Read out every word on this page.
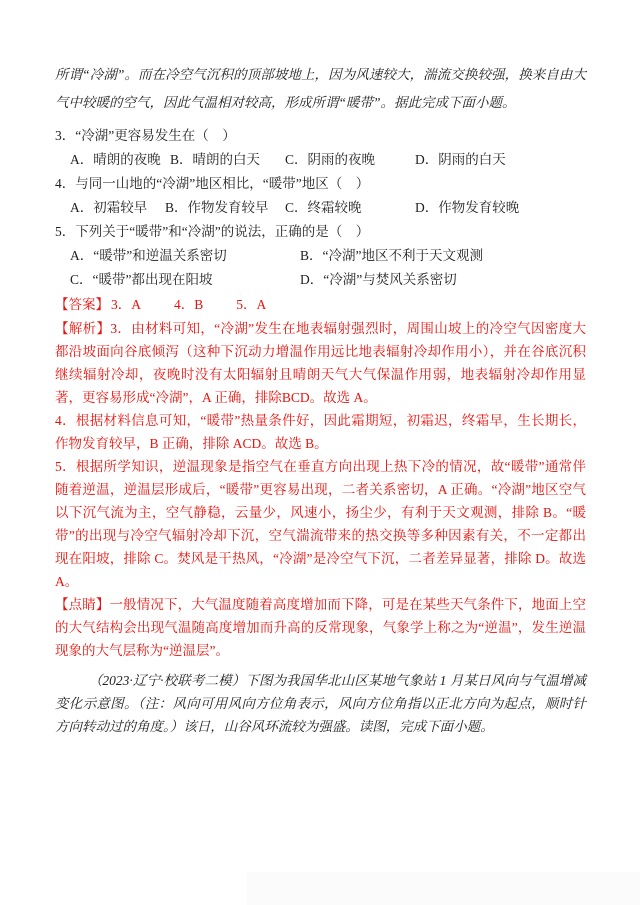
所谓“冷湖”。而在冷空气沉积的顶部坡地上，因为风速较大，湍流交换较强，换来自由大气中较暖的空气，因此气温相对较高，形成所谓“暖带”。据此完成下面小题。

3．“冷湖”更容易发生在（　）

A．晴朗的夜晚 B．晴朗的白天	C．阴雨的夜晚	D．阴雨的白天

4．与同一山地的“冷湖”地区相比，“暖带”地区（　）

A．初霜较早	B．作物发育较早	C．终霜较晚	D．作物发育较晚

5．下列关于“暖带”和“冷湖”的说法，正确的是（　）

A．“暖带”和逆温关系密切	B．“冷湖”地区不利于天文观测
C．“暖带”都出现在阳坡	D．“冷湖”与焚风关系密切
【答案】 3．A 4．B 5．A

【解析】3．由材料可知，“冷湖”发生在地表辐射强烈时，周围山坡上的冷空气因密度大都沿坡面向谷底倾泻（这种下沉动力增温作用远比地表辐射冷却作用小），并在谷底沉积继续辐射冷却，夜晚时没有太阳辐射且晴朗天气大气保温作用弱，地表辐射冷却作用显著，更容易形成“冷湖”，A 正确，排除BCD。故选 A。

4．根据材料信息可知，“暖带”热量条件好，因此霜期短，初霜迟，终霜早，生长期长，作物发育较早，B 正确，排除 ACD。故选 B。

5．根据所学知识，逆温现象是指空气在垂直方向出现上热下冷的情况，故“暖带”通常伴随着逆温，逆温层形成后，“暖带”更容易出现，二者关系密切，A 正确。“冷湖”地区空气以下沉气流为主，空气静稳，云量少，风速小，扬尘少，有利于天文观测，排除 B。“暖带”的出现与冷空气辐射冷却下沉，空气湍流带来的热交换等多种因素有关，不一定都出现在阳坡，排除 C。焚风是干热风，“冷湖”是冷空气下沉，二者差异显著，排除 D。故选 A。

【点睛】一般情况下，大气温度随着高度增加而下降，可是在某些天气条件下，地面上空的大气结构会出现气温随高度增加而升高的反常现象，气象学上称之为“逆温”，发生逆温现象的大气层称为“逆温层”。

（2023·辽宁·校联考二模）下图为我国华北山区某地气象站 1 月某日风向与气温增减变化示意图。（注：风向可用风向方位角表示，风向方位角指以正北方向为起点，顺时针方向转动过的角度。）该日，山谷风环流较为强盛。读图，完成下面小题。
